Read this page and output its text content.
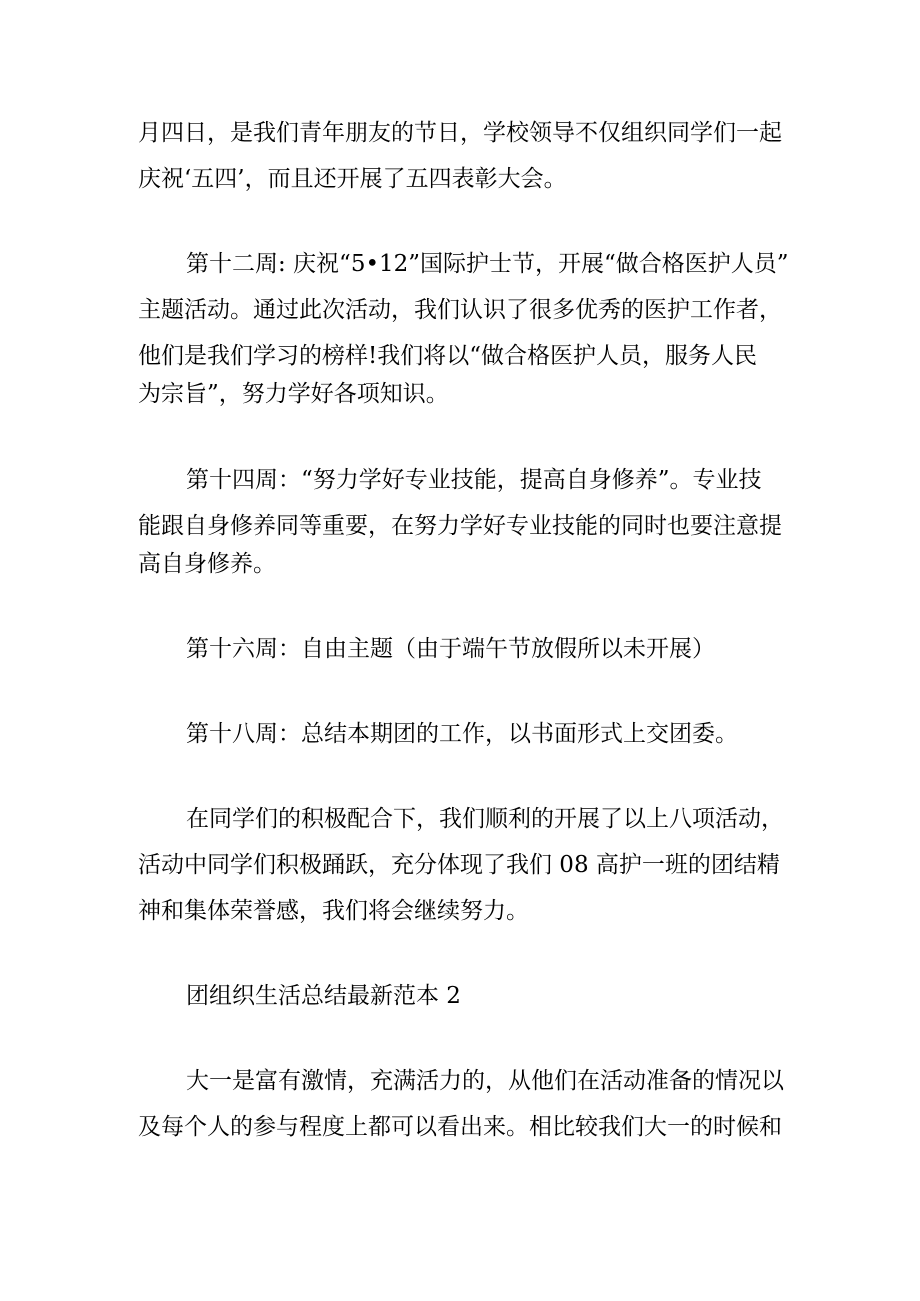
月四日，是我们青年朋友的节日，学校领导不仅组织同学们一起
庆祝‘五四’，而且还开展了五四表彰大会。
第十二周: 庆祝“5•12”国际护士节，开展“做合格医护人员”
主题活动。通过此次活动，我们认识了很多优秀的医护工作者，
他们是我们学习的榜样!我们将以“做合格医护人员，服务人民
为宗旨”，努力学好各项知识。
第十四周：“努力学好专业技能，提高自身修养”。专业技
能跟自身修养同等重要，在努力学好专业技能的同时也要注意提
高自身修养。
第十六周：自由主题（由于端午节放假所以未开展）
第十八周：总结本期团的工作，以书面形式上交团委。
在同学们的积极配合下，我们顺利的开展了以上八项活动，
活动中同学们积极踊跃，充分体现了我们 08 高护一班的团结精
神和集体荣誉感，我们将会继续努力。
团组织生活总结最新范本 2
大一是富有激情，充满活力的，从他们在活动准备的情况以
及每个人的参与程度上都可以看出来。相比较我们大一的时候和
